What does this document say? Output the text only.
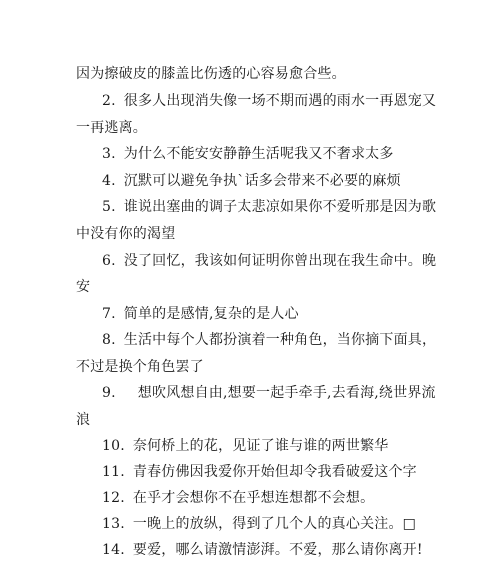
因为擦破皮的膝盖比伤透的心容易愈合些。
2. 很多人出现消失像一场不期而遇的雨水一再恩宠又
一再逃离。
3. 为什么不能安安静静生活呢我又不奢求太多
4. 沉默可以避免争执`话多会带来不必要的麻烦
5. 谁说出塞曲的调子太悲凉如果你不爱听那是因为歌
中没有你的渴望
6. 没了回忆，我该如何证明你曾出现在我生命中。晚
安
7. 简单的是感情,复杂的是人心
8. 生活中每个人都扮演着一种角色，当你摘下面具，
不过是换个角色罢了
9. 想吹风想自由,想要一起手牵手,去看海,绕世界流
浪
10. 奈何桥上的花，见证了谁与谁的两世繁华
11. 青春仿佛因我爱你开始但却令我看破爱这个字
12. 在乎才会想你不在乎想连想都不会想。
13. 一晚上的放纵，得到了几个人的真心关注。□
14. 要爱，哪么请激情澎湃。不爱，那么请你离开!
